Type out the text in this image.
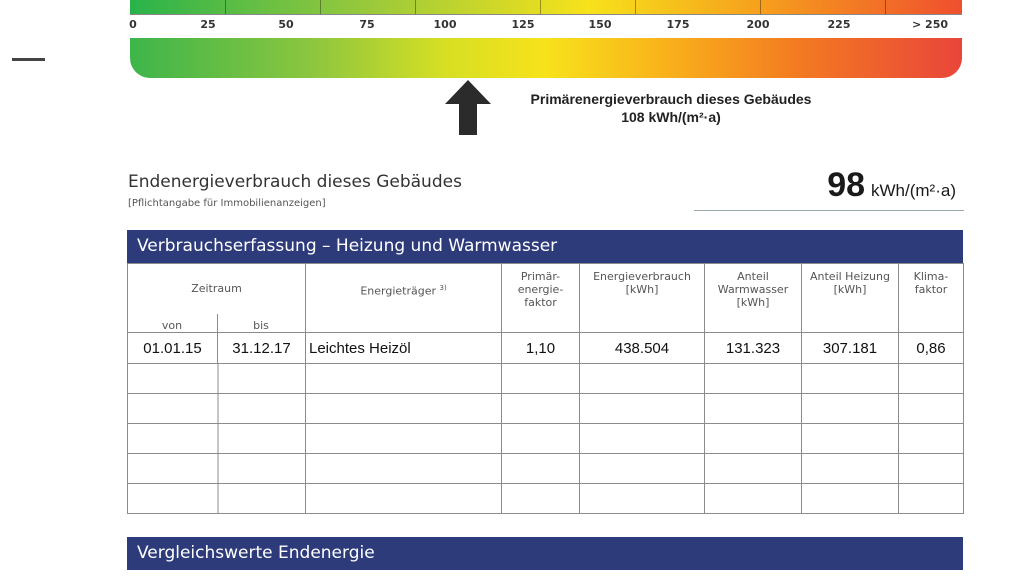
0	25	50	75	100	125	150	175	200	225	> 250
Primärenergieverbrauch dieses Gebäudes
108 kWh/(m²·a)
Endenergieverbrauch dieses Gebäudes
[Pflichtangabe für Immobilienanzeigen]	98 kWh/(m²·a)
Verbrauchserfassung – Heizung und Warmwasser
Zeitraum
von bis	Energieträger $^{3)}$	Primär-energie-faktor	Energieverbrauch [kWh]	Anteil Warmwasser [kWh]	Anteil Heizung [kWh]	Klima-faktor

01.01.15 31.12.17	Leichtes Heizöl	1,10	438.504	131.323	307.181	0,86

Vergleichswerte Endenergie
